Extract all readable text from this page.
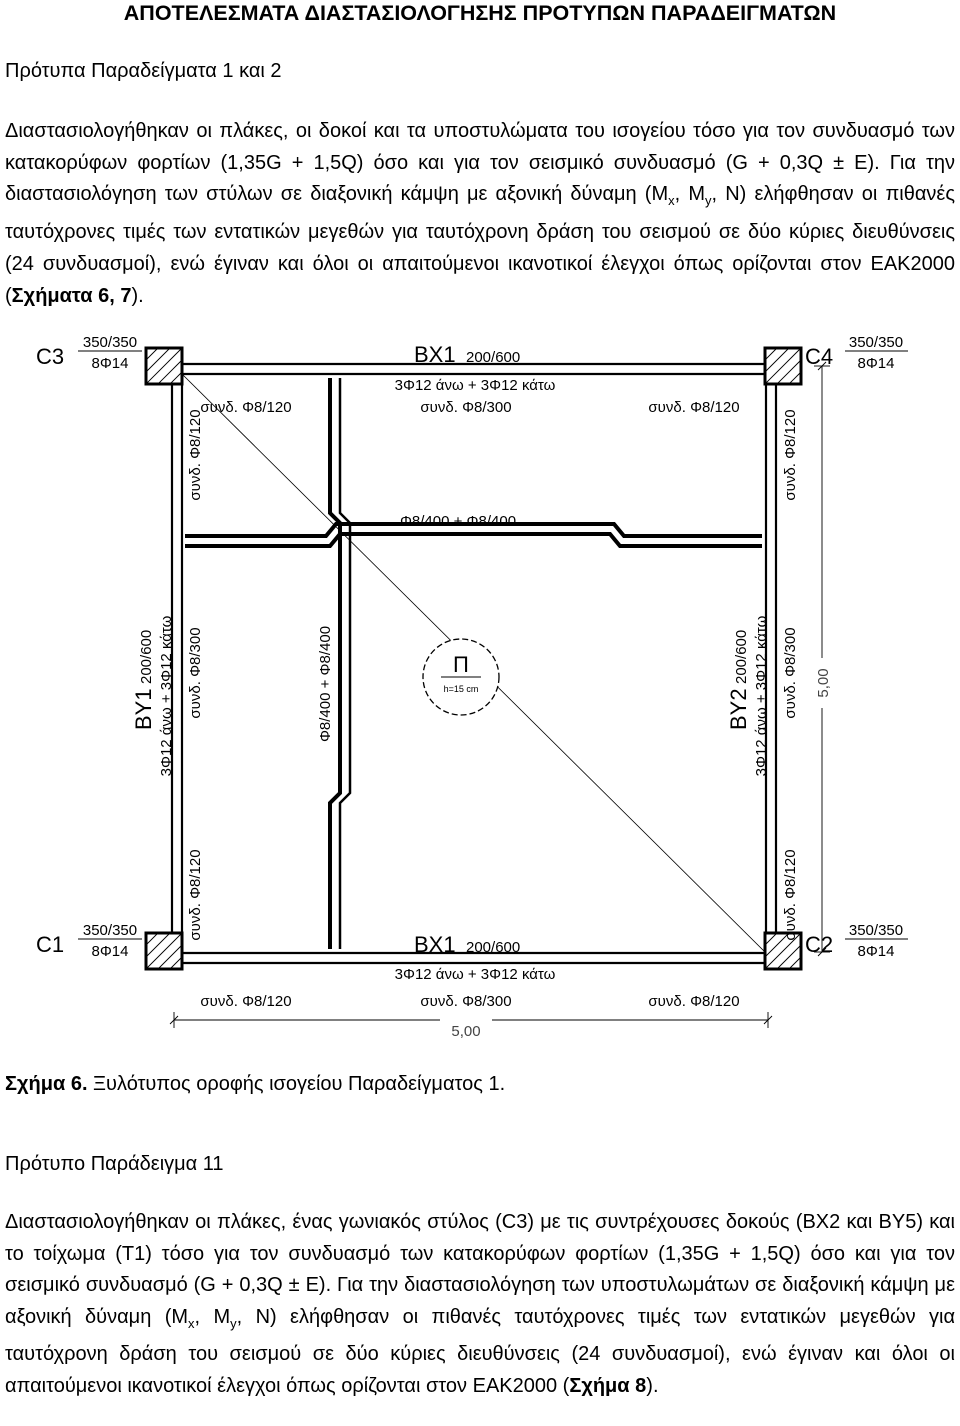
ΑΠΟΤΕΛΕΣΜΑΤΑ ΔΙΑΣΤΑΣΙΟΛΟΓΗΣΗΣ ΠΡΟΤΥΠΩΝ ΠΑΡΑΔΕΙΓΜΑΤΩΝ
Πρότυπα Παραδείγματα 1 και 2
Διαστασιολογήθηκαν οι πλάκες, οι δοκοί και τα υποστυλώματα του ισογείου τόσο για τον συνδυασμό των κατακορύφων φορτίων (1,35G + 1,5Q) όσο και για τον σεισμικό συνδυασμό (G + 0,3Q ± E). Για την διαστασιολόγηση των στύλων σε διαξονική κάμψη με αξονική δύναμη ($M_x$, $M_y$, N) ελήφθησαν οι πιθανές ταυτόχρονες τιμές των εντατικών μεγεθών για ταυτόχρονη δράση του σεισμού σε δύο κύριες διευθύνσεις (24 συνδυασμοί), ενώ έγιναν και όλοι οι απαιτούμενοι ικανοτικοί έλεγχοι όπως ορίζονται στον ΕΑΚ2000 (Σχήματα 6, 7).
Π
h=15 cm
C3	C4
C1	C2
350/350
8Φ14
350/350
8Φ14
350/350
8Φ14
350/350
8Φ14
BX1 200/600
3Φ12 άνω + 3Φ12 κάτω
συνδ. Φ8/120	συνδ. Φ8/300	συνδ. Φ8/120
BX1 200/600
3Φ12 άνω + 3Φ12 κάτω
συνδ. Φ8/120	συνδ. Φ8/300	συνδ. Φ8/120
Φ8/400 + Φ8/400
BY1
200/600 3Φ12 άνω + 3Φ12 κάτω
συνδ. Φ8/120
συνδ. Φ8/300
συνδ. Φ8/120
Φ8/400 + Φ8/400	BY2
200/600 3Φ12 άνω + 3Φ12 κάτω
συνδ. Φ8/120
συνδ. Φ8/300
συνδ. Φ8/120
5,00
5,00
Σχήμα 6. Ξυλότυπος οροφής ισογείου Παραδείγματος 1.
Πρότυπο Παράδειγμα 11
Διαστασιολογήθηκαν οι πλάκες, ένας γωνιακός στύλος (C3) με τις συντρέχουσες δοκούς (BX2 και BY5) και το τοίχωμα (T1) τόσο για τον συνδυασμό των κατακορύφων φορτίων (1,35G + 1,5Q) όσο και για τον σεισμικό συνδυασμό (G + 0,3Q ± E). Για την διαστασιολόγηση των υποστυλωμάτων σε διαξονική κάμψη με αξονική δύναμη ($M_x$, $M_y$, N) ελήφθησαν οι πιθανές ταυτόχρονες τιμές των εντατικών μεγεθών για ταυτόχρονη δράση του σεισμού σε δύο κύριες διευθύνσεις (24 συνδυασμοί), ενώ έγιναν και όλοι οι απαιτούμενοι ικανοτικοί έλεγχοι όπως ορίζονται στον ΕΑΚ2000 (Σχήμα 8).
